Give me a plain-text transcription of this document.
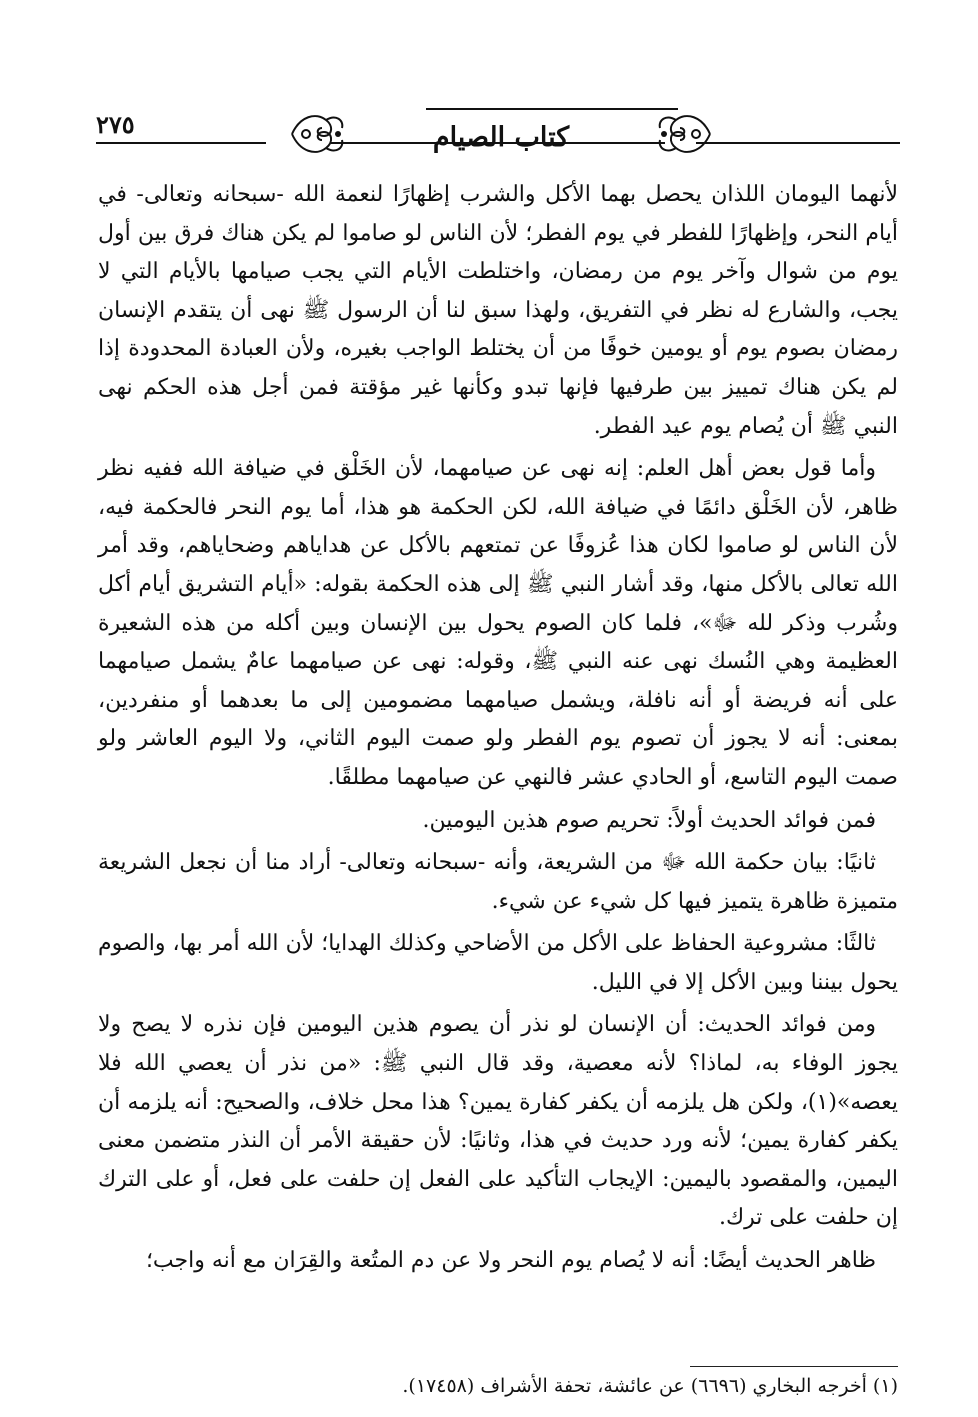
٢٧٥	كتاب الصيام

لأنهما اليومان اللذان يحصل بهما الأكل والشرب إظهارًا لنعمة الله -سبحانه وتعالى- في أيام النحر، وإظهارًا للفطر في يوم الفطر؛ لأن الناس لو صاموا لم يكن هناك فرق بين أول يوم من شوال وآخر يوم من رمضان، واختلطت الأيام التي يجب صيامها بالأيام التي لا يجب، والشارع له نظر في التفريق، ولهذا سبق لنا أن الرسول ﷺ نهى أن يتقدم الإنسان رمضان بصوم يوم أو يومين خوفًا من أن يختلط الواجب بغيره، ولأن العبادة المحدودة إذا لم يكن هناك تمييز بين طرفيها فإنها تبدو وكأنها غير مؤقتة فمن أجل هذه الحكم نهى النبي ﷺ أن يُصام يوم عيد الفطر.

وأما قول بعض أهل العلم: إنه نهى عن صيامهما، لأن الخَلْق في ضيافة الله ففيه نظر ظاهر، لأن الخَلْق دائمًا في ضيافة الله، لكن الحكمة هو هذا، أما يوم النحر فالحكمة فيه، لأن الناس لو صاموا لكان هذا عُزوفًا عن تمتعهم بالأكل عن هداياهم وضحاياهم، وقد أمر الله تعالى بالأكل منها، وقد أشار النبي ﷺ إلى هذه الحكمة بقوله: «أيام التشريق أيام أكل وشُرب وذكر لله ﷻ»، فلما كان الصوم يحول بين الإنسان وبين أكله من هذه الشعيرة العظيمة وهي النُسك نهى عنه النبي ﷺ، وقوله: نهى عن صيامهما عامٌ يشمل صيامهما على أنه فريضة أو أنه نافلة، ويشمل صيامهما مضمومين إلى ما بعدهما أو منفردين، بمعنى: أنه لا يجوز أن تصوم يوم الفطر ولو صمت اليوم الثاني، ولا اليوم العاشر ولو صمت اليوم التاسع، أو الحادي عشر فالنهي عن صيامهما مطلقًا.

فمن فوائد الحديث أولاً: تحريم صوم هذين اليومين.

ثانيًا: بيان حكمة الله ﷻ من الشريعة، وأنه -سبحانه وتعالى- أراد منا أن نجعل الشريعة متميزة ظاهرة يتميز فيها كل شيء عن شيء.

ثالثًا: مشروعية الحفاظ على الأكل من الأضاحي وكذلك الهدايا؛ لأن الله أمر بها، والصوم يحول بيننا وبين الأكل إلا في الليل.

ومن فوائد الحديث: أن الإنسان لو نذر أن يصوم هذين اليومين فإن نذره لا يصح ولا يجوز الوفاء به، لماذا؟ لأنه معصية، وقد قال النبي ﷺ: «من نذر أن يعصي الله فلا يعصه»(١)، ولكن هل يلزمه أن يكفر كفارة يمين؟ هذا محل خلاف، والصحيح: أنه يلزمه أن يكفر كفارة يمين؛ لأنه ورد حديث في هذا، وثانيًا: لأن حقيقة الأمر أن النذر متضمن معنى اليمين، والمقصود باليمين: الإيجاب التأكيد على الفعل إن حلفت على فعل، أو على الترك إن حلفت على ترك.

ظاهر الحديث أيضًا: أنه لا يُصام يوم النحر ولا عن دم المتُعة والقِرَان مع أنه واجب؛

(١) أخرجه البخاري (٦٦٩٦) عن عائشة، تحفة الأشراف (١٧٤٥٨).
